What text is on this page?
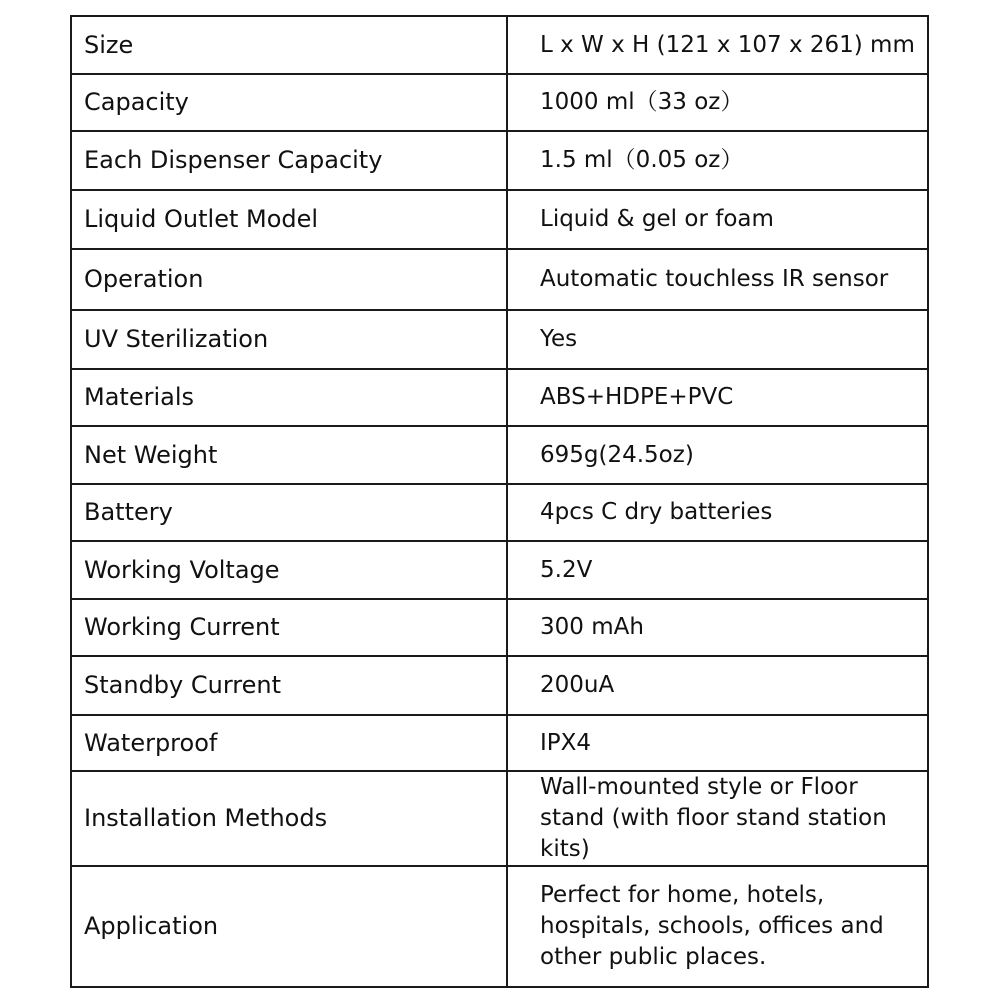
Size	L x W x H (121 x 107 x 261) mm
Capacity	1000 ml（33 oz）
Each Dispenser Capacity	1.5 ml（0.05 oz）
Liquid Outlet Model	Liquid & gel or foam
Operation	Automatic touchless IR sensor
UV Sterilization	Yes
Materials	ABS+HDPE+PVC
Net Weight	695g(24.5oz)
Battery	4pcs C dry batteries
Working Voltage	5.2V
Working Current	300 mAh
Standby Current	200uA
Waterproof	IPX4
Installation Methods	Wall-mounted style or Floor stand (with floor stand station kits)
Application	Perfect for home, hotels, hospitals, schools, offices and other public places.
